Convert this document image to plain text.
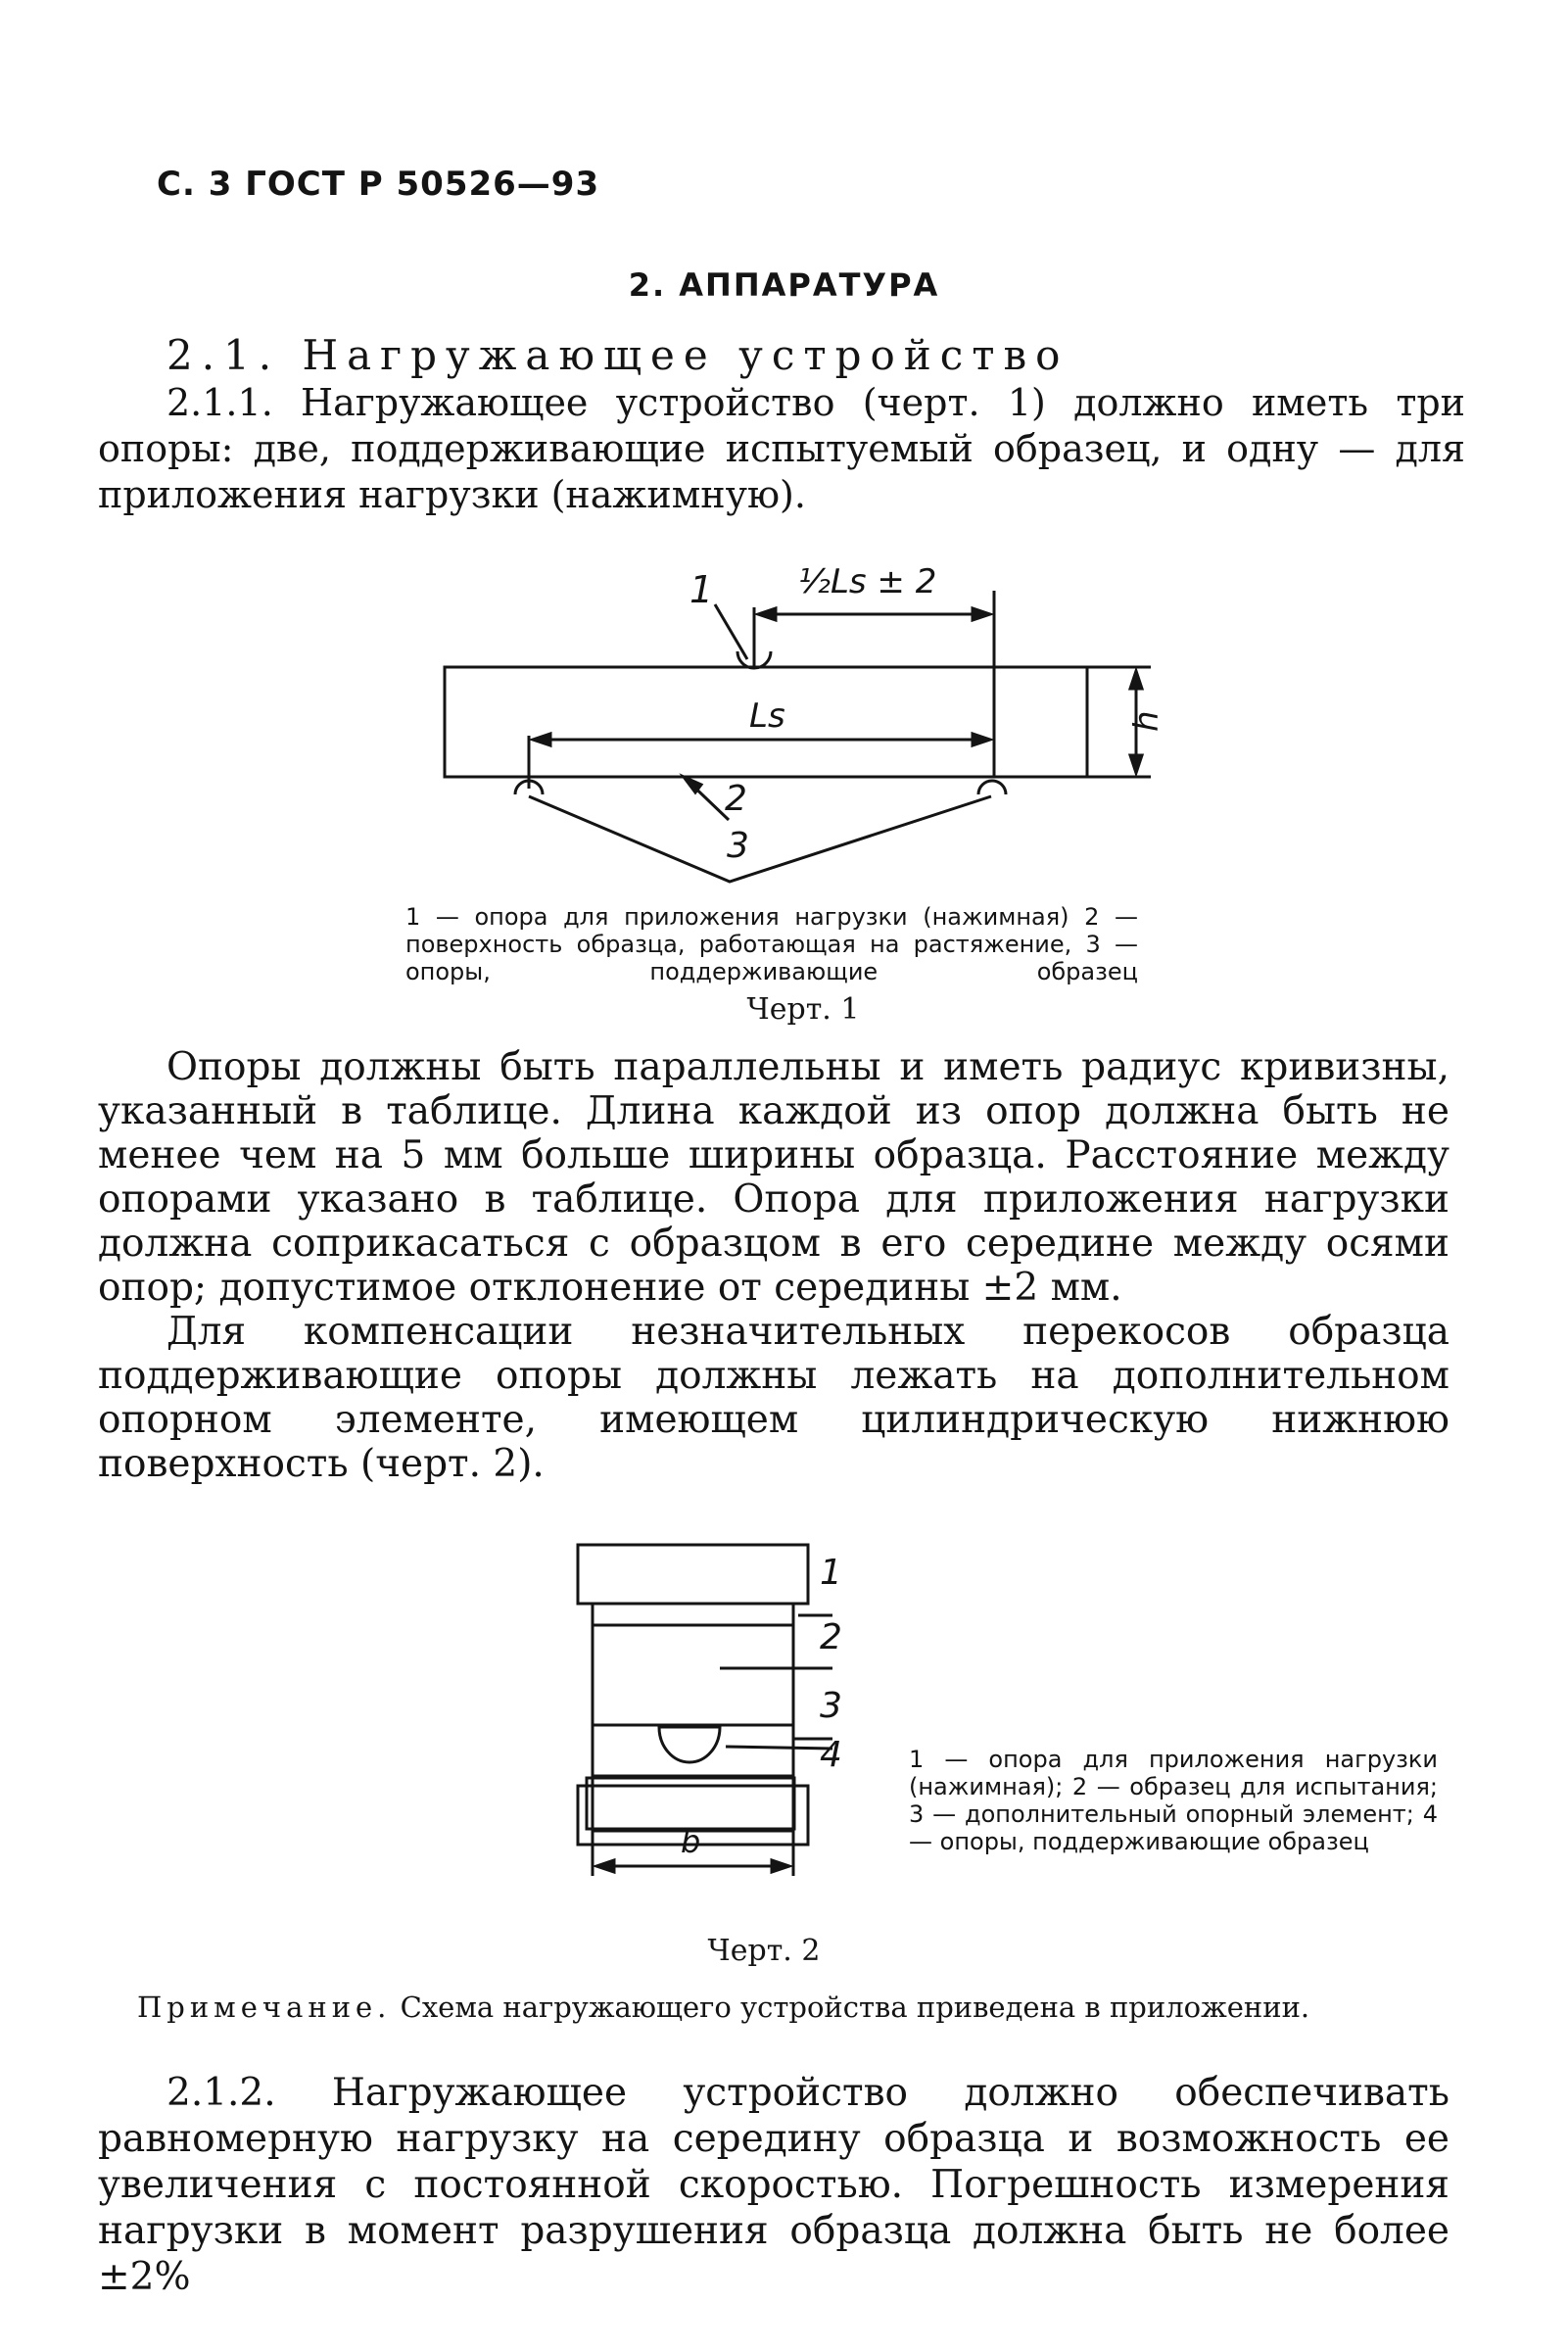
С. 3 ГОСТ Р 50526—93
2. АППАРАТУРА
2.1. Нагружающее устройство
2.1.1. Нагружающее устройство (черт. 1) должно иметь три опоры: две, поддерживающие испытуемый образец, и одну — для приложения нагрузки (нажимную).
1
2
3
½Ls ± 2
Ls	h
1 — опора для приложения нагрузки (нажимная) 2 — поверхность образца, работающая на растяжение, 3 — опоры, поддерживающие образец
Черт. 1
Опоры должны быть параллельны и иметь радиус кривизны, указанный в таблице. Длина каждой из опор должна быть не менее чем на 5 мм больше ширины образца. Расстояние между опорами указано в таблице. Опора для приложения нагрузки должна соприкасаться с образцом в его середине между осями опор; допустимое отклонение от середины ±2 мм.
Для компенсации незначительных перекосов образца поддерживающие опоры должны лежать на дополнительном опорном элементе, имеющем цилиндрическую нижнюю поверхность (черт. 2).
1
2
3
4
b
1 — опора для приложения нагрузки (нажимная); 2 — образец для испытания; 3 — дополнительный опорный элемент; 4 — опоры, поддерживающие образец
Черт. 2
Примечание. Схема нагружающего устройства приведена в приложении.
2.1.2. Нагружающее устройство должно обеспечивать равномерную нагрузку на середину образца и возможность ее увеличения с постоянной скоростью. Погрешность измерения нагрузки в момент разрушения образца должна быть не более ±2%
